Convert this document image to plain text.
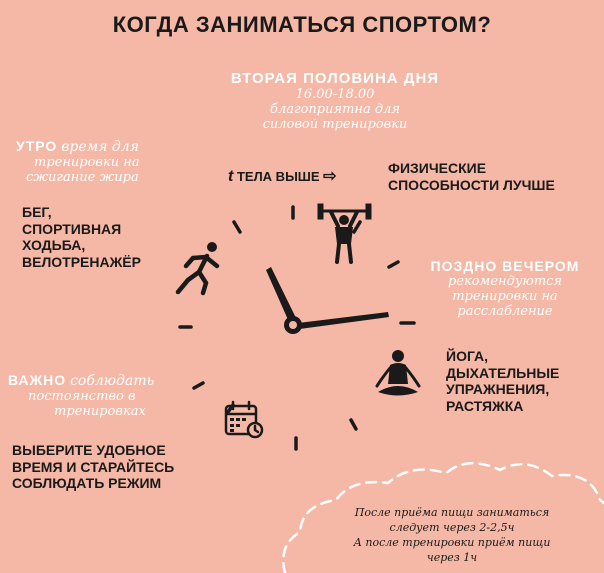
КОГДА ЗАНИМАТЬСЯ СПОРТОМ?
ВТОРАЯ ПОЛОВИНА ДНЯ
16.00-18.00
благоприятна для
силовой тренировки
t ТЕЛА ВЫШЕ ⇨	ФИЗИЧЕСКИЕ
СПОСОБНОСТИ ЛУЧШЕ
УТРО время для
тренировки на
сжигание жира
БЕГ,
СПОРТИВНАЯ
ХОДЬБА,
ВЕЛОТРЕНАЖЁР	ПОЗДНО ВЕЧЕРОМ
рекомендуются
тренировки на
расслабление
ЙОГА,
ДЫХАТЕЛЬНЫЕ
УПРАЖНЕНИЯ,
РАСТЯЖКА
ВАЖНО соблюдать
постоянство в
тренировках
ВЫБЕРИТЕ УДОБНОЕ
ВРЕМЯ И СТАРАЙТЕСЬ
СОБЛЮДАТЬ РЕЖИМ
После приёма пищи заниматься
следует через 2-2,5ч
А после тренировки приём пищи
через 1ч
